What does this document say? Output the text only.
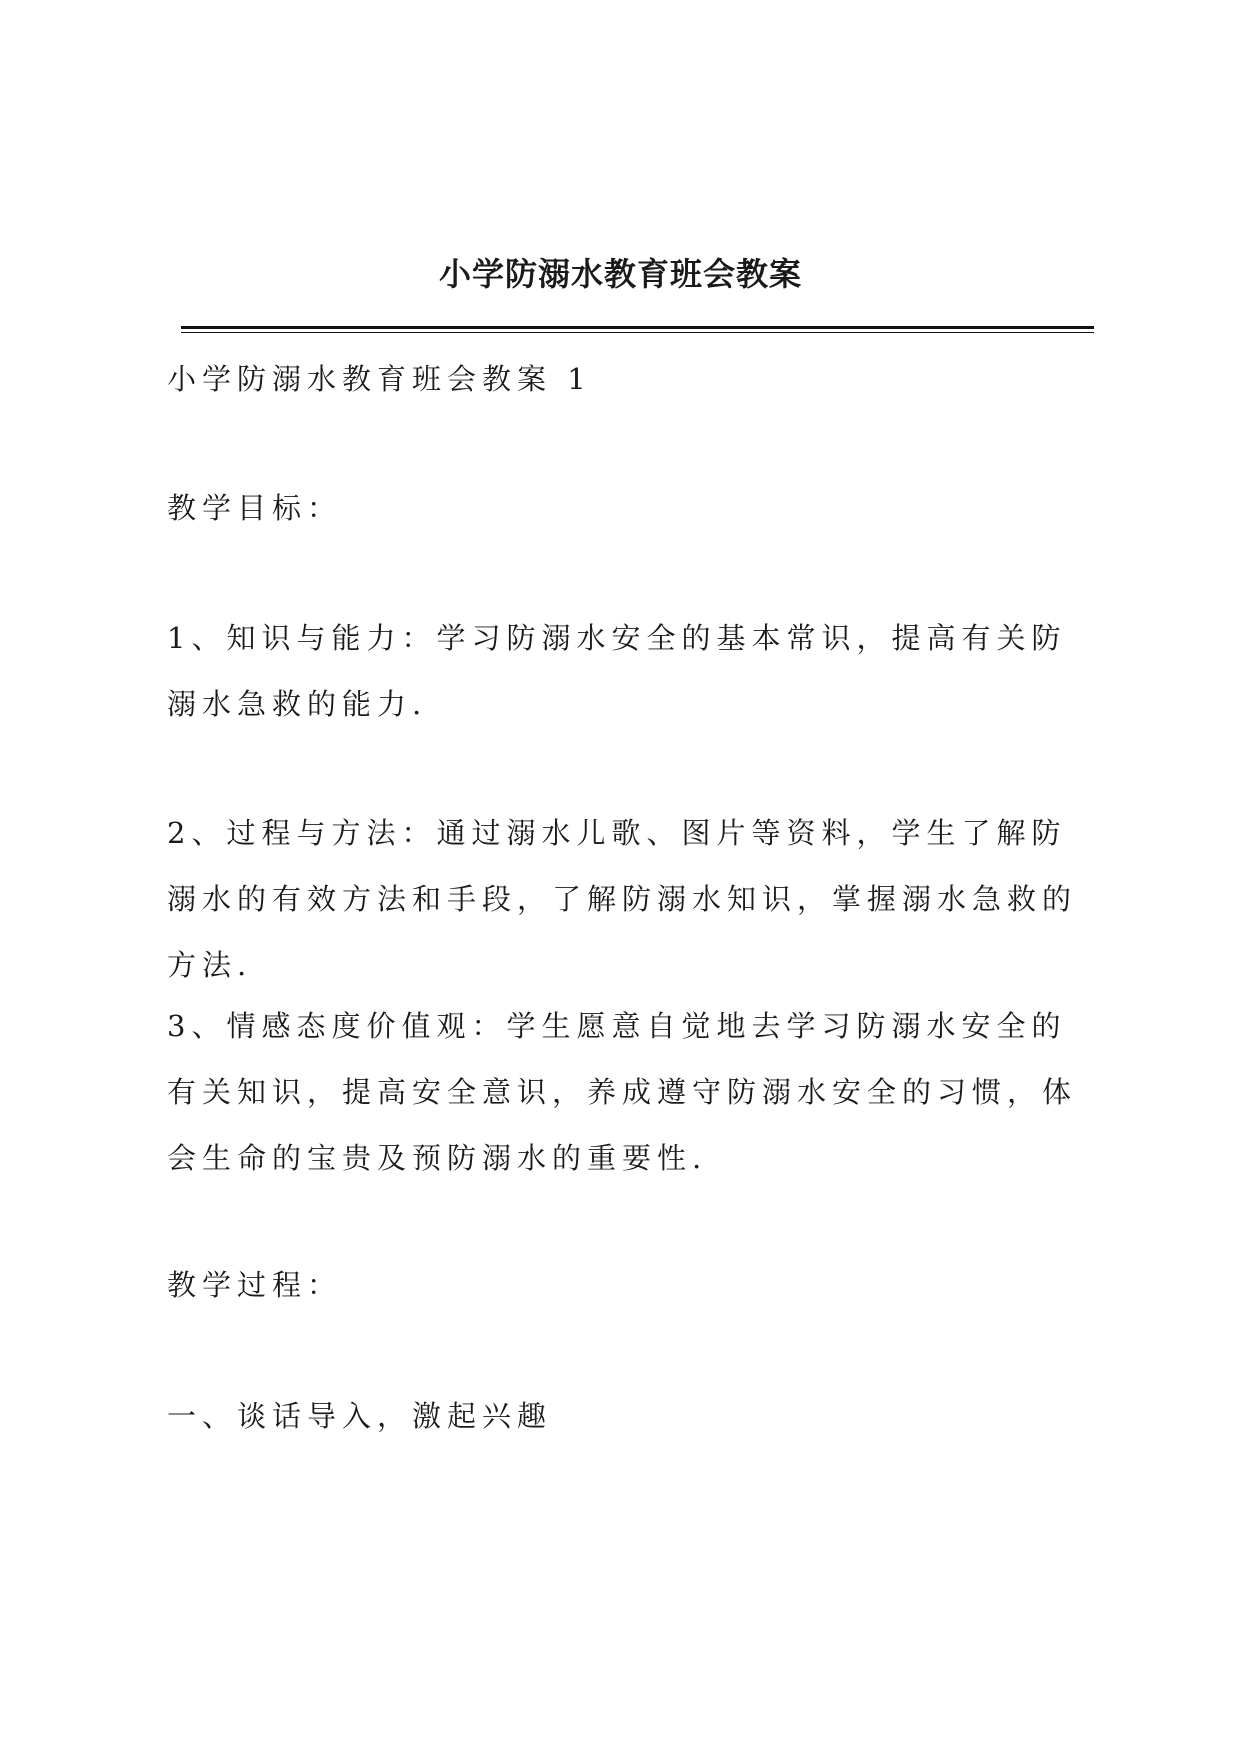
小学防溺水教育班会教案

小学防溺水教育班会教案 1

教学目标：

1、知识与能力：学习防溺水安全的基本常识，提高有关防溺水急救的能力.

2、过程与方法：通过溺水儿歌、图片等资料，学生了解防溺水的有效方法和手段，了解防溺水知识，掌握溺水急救的方法.

3、情感态度价值观：学生愿意自觉地去学习防溺水安全的有关知识，提高安全意识，养成遵守防溺水安全的习惯，体会生命的宝贵及预防溺水的重要性.

教学过程：

一、谈话导入，激起兴趣
